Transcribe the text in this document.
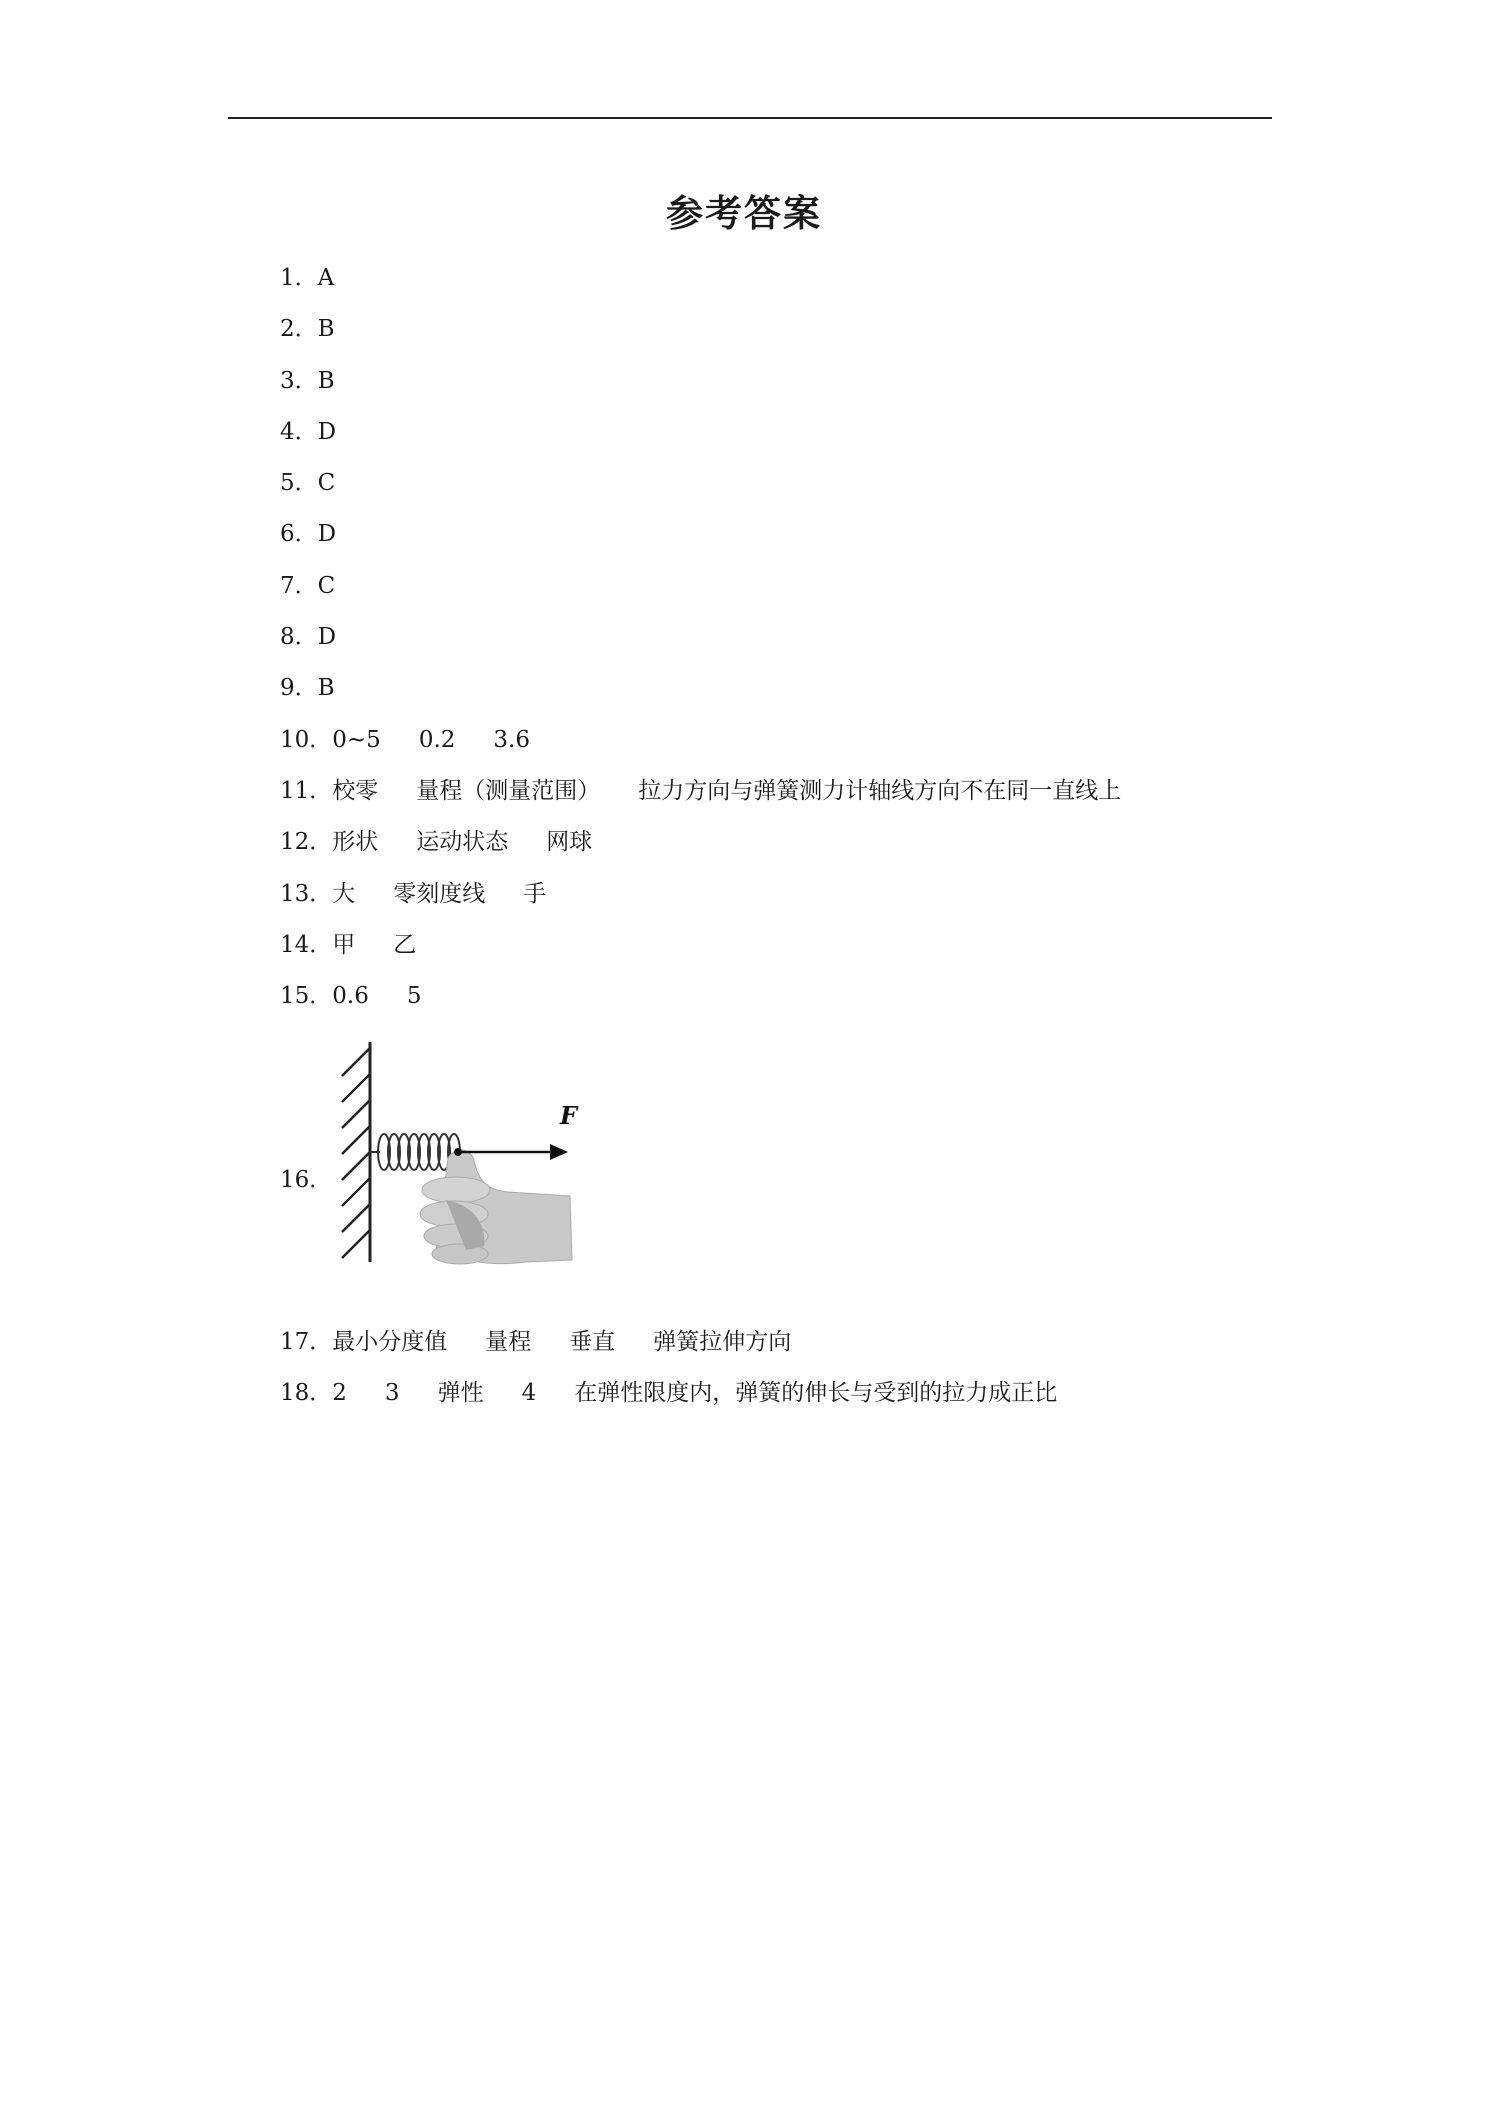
参考答案
1． A
2． B
3． B
4． D
5． C
6． D
7． C
8． D
9． B
10． 0~5 0.2 3.6
11． 校零 量程（测量范围） 拉力方向与弹簧测力计轴线方向不在同一直线上
12． 形状 运动状态 网球
13． 大 零刻度线 手
14． 甲 乙
15． 0.6 5
16．
F
17． 最小分度值 量程 垂直 弹簧拉伸方向
18． 2 3 弹性 4 在弹性限度内，弹簧的伸长与受到的拉力成正比
